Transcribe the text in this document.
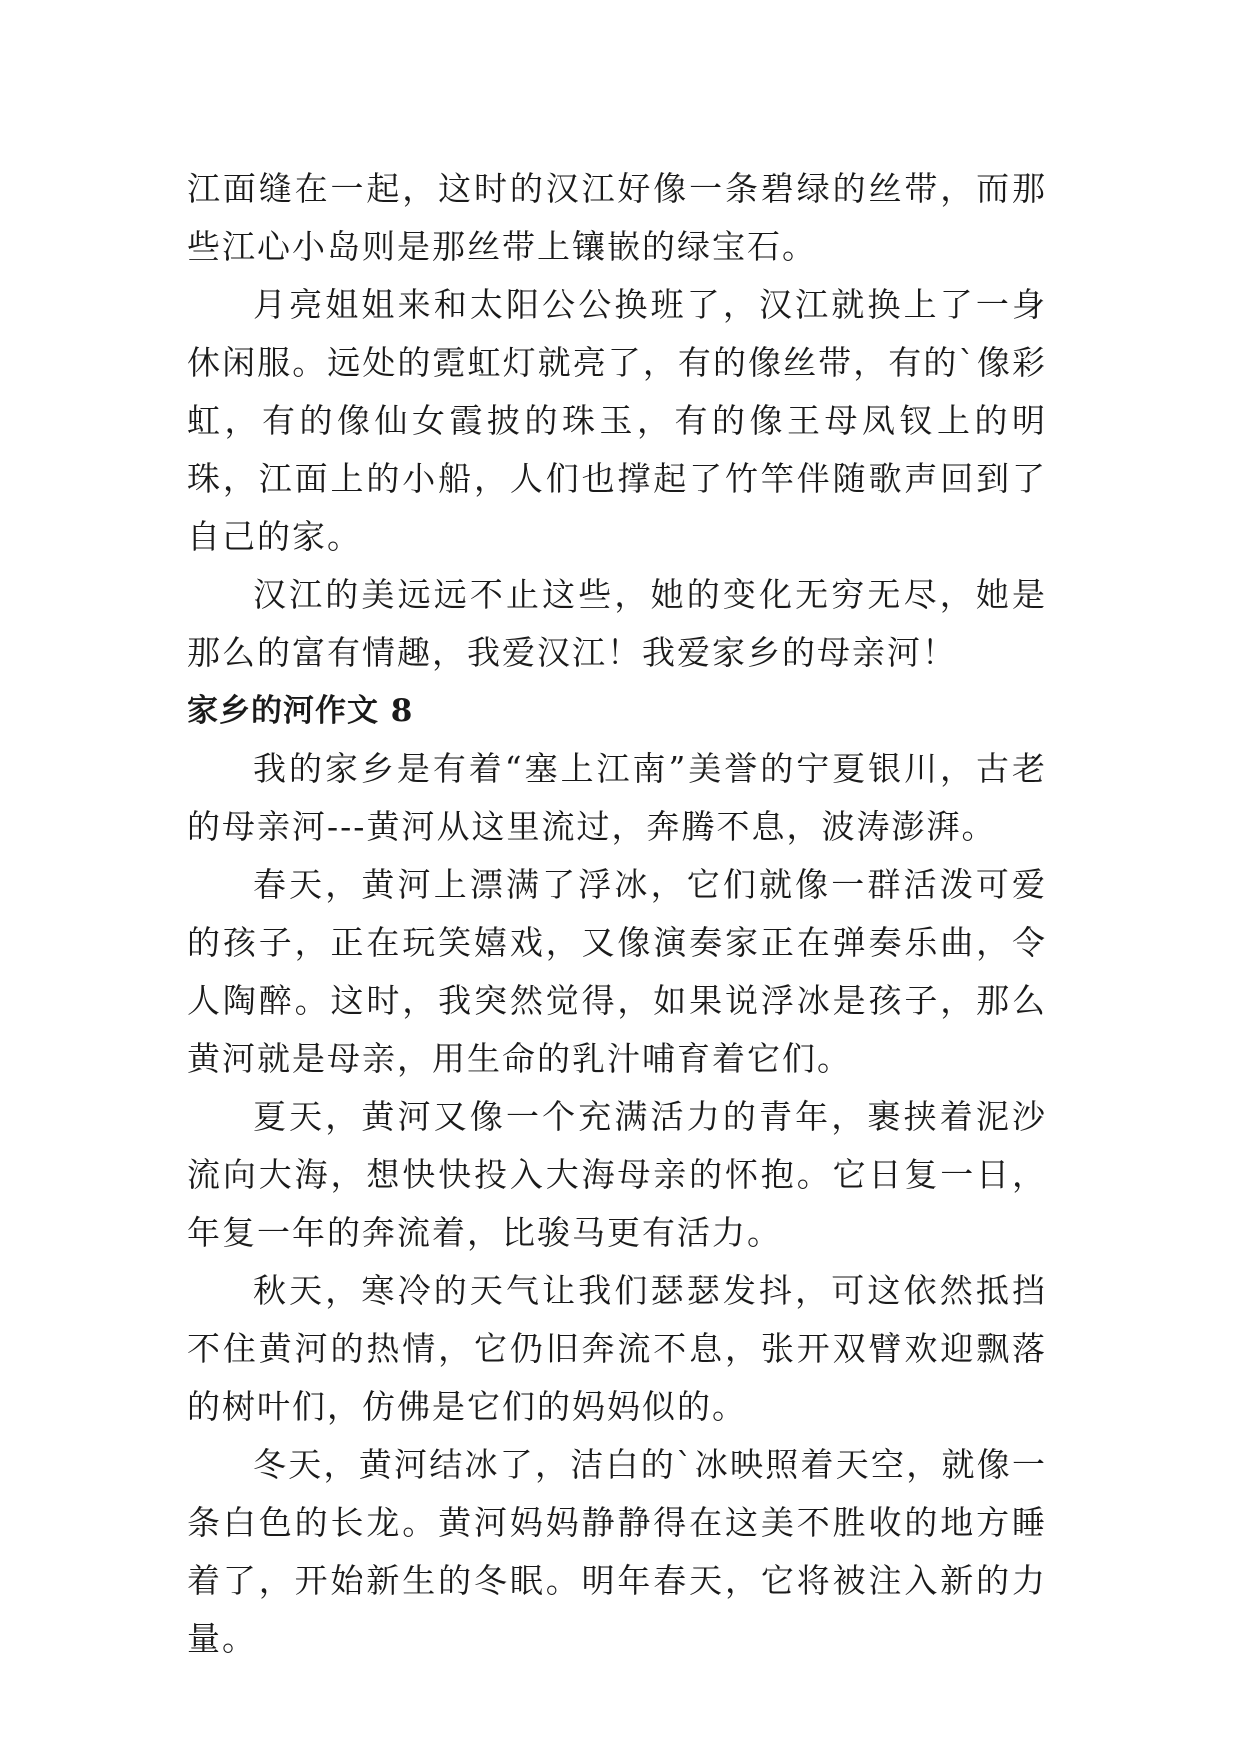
江面缝在一起，这时的汉江好像一条碧绿的丝带，而那些江心小岛则是那丝带上镶嵌的绿宝石。

月亮姐姐来和太阳公公换班了，汉江就换上了一身休闲服。远处的霓虹灯就亮了，有的像丝带，有的`像彩虹，有的像仙女霞披的珠玉，有的像王母凤钗上的明珠，江面上的小船，人们也撑起了竹竿伴随歌声回到了自己的家。

汉江的美远远不止这些，她的变化无穷无尽，她是那么的富有情趣，我爱汉江！我爱家乡的母亲河！

家乡的河作文 8

我的家乡是有着“塞上江南”美誉的宁夏银川，古老的母亲河---黄河从这里流过，奔腾不息，波涛澎湃。

春天，黄河上漂满了浮冰，它们就像一群活泼可爱的孩子，正在玩笑嬉戏，又像演奏家正在弹奏乐曲，令人陶醉。这时，我突然觉得，如果说浮冰是孩子，那么黄河就是母亲，用生命的乳汁哺育着它们。

夏天，黄河又像一个充满活力的青年，裹挟着泥沙流向大海，想快快投入大海母亲的怀抱。它日复一日，年复一年的奔流着，比骏马更有活力。

秋天，寒冷的天气让我们瑟瑟发抖，可这依然抵挡不住黄河的热情，它仍旧奔流不息，张开双臂欢迎飘落的树叶们，仿佛是它们的妈妈似的。

冬天，黄河结冰了，洁白的`冰映照着天空，就像一条白色的长龙。黄河妈妈静静得在这美不胜收的地方睡着了，开始新生的冬眠。明年春天，它将被注入新的力量。
